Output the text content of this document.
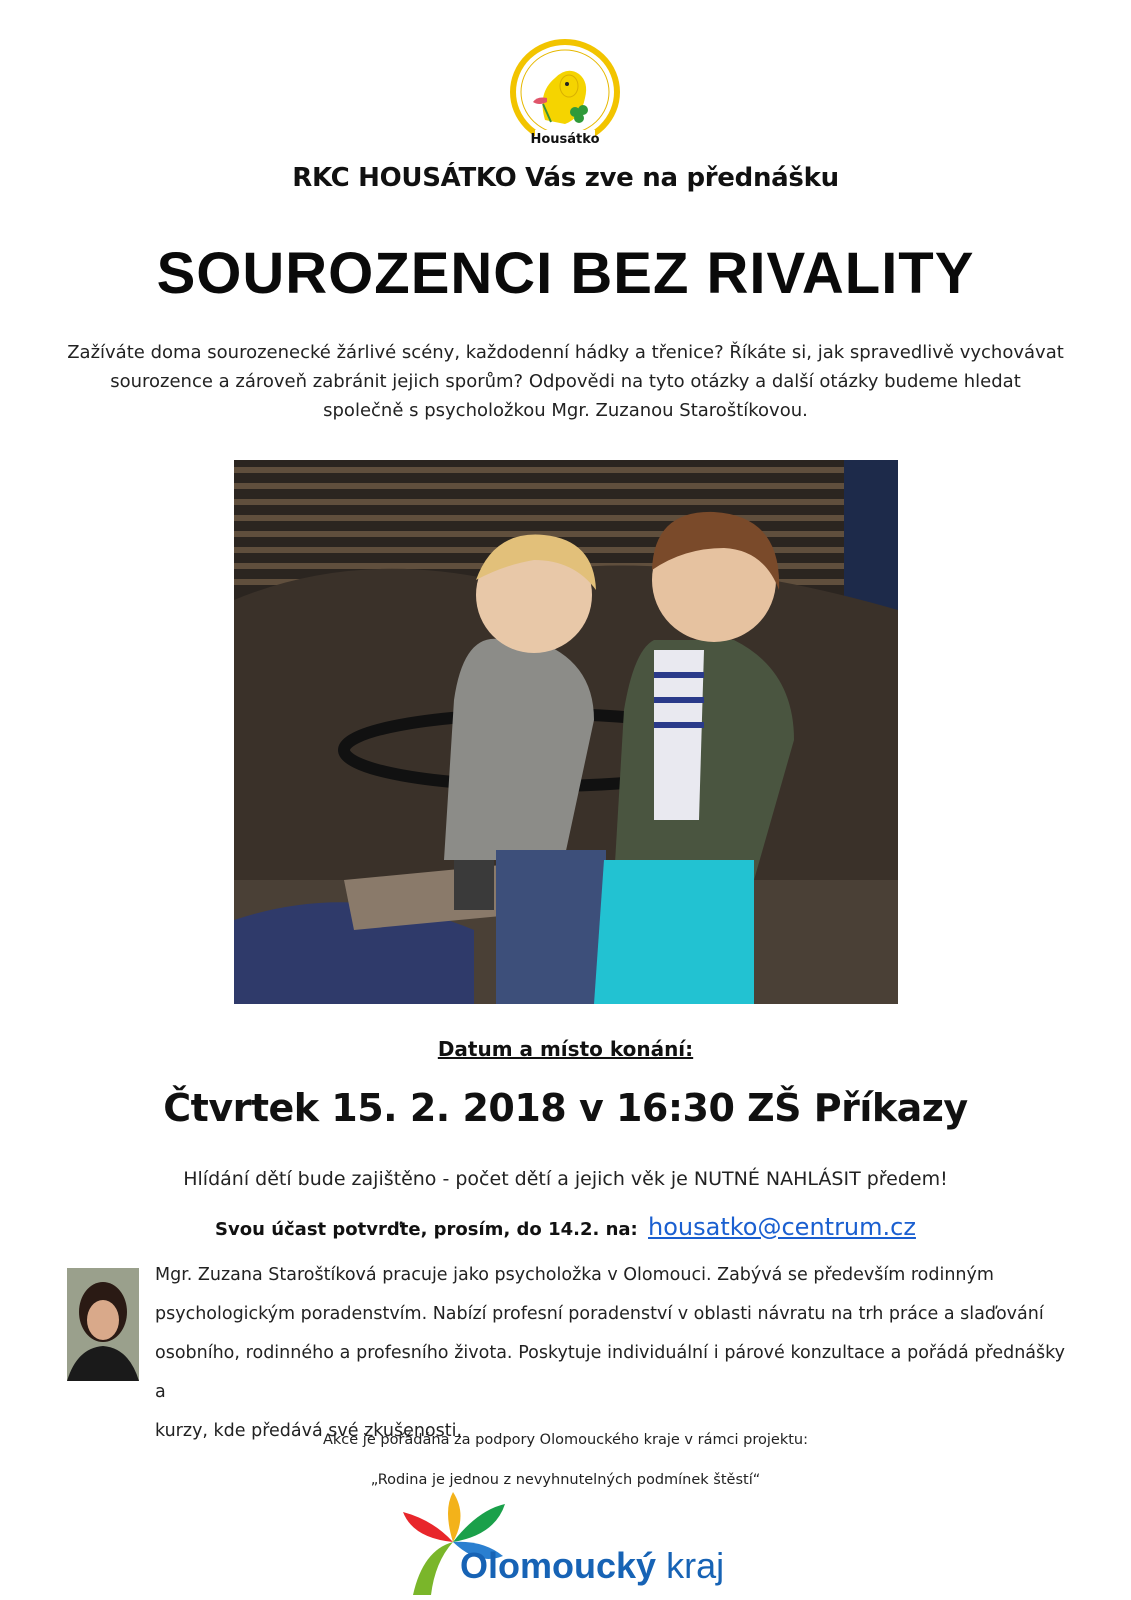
Housátko
RKC HOUSÁTKO Vás zve na přednášku
SOUROZENCI BEZ RIVALITY
Zažíváte doma sourozenecké žárlivé scény, každodenní hádky a třenice? Říkáte si, jak spravedlivě vychovávat
sourozence a zároveň zabránit jejich sporům? Odpovědi na tyto otázky a další otázky budeme hledat
společně s psycholožkou Mgr. Zuzanou Staroštíkovou.
Datum a místo konání:
Čtvrtek 15. 2. 2018 v 16:30 ZŠ Příkazy
Hlídání dětí bude zajištěno - počet dětí a jejich věk je NUTNÉ NAHLÁSIT předem!
Svou účast potvrďte, prosím, do 14.2. na: housatko@centrum.cz
Mgr. Zuzana Staroštíková pracuje jako psycholožka v Olomouci. Zabývá se především rodinným
psychologickým poradenstvím. Nabízí profesní poradenství v oblasti návratu na trh práce a slaďování
osobního, rodinného a profesního života. Poskytuje individuální i párové konzultace a pořádá přednášky a
kurzy, kde předává své zkušenosti.
Akce je pořádána za podpory Olomouckého kraje v rámci projektu:
„Rodina je jednou z nevyhnutelných podmínek štěstí“
Olomoucký kraj
